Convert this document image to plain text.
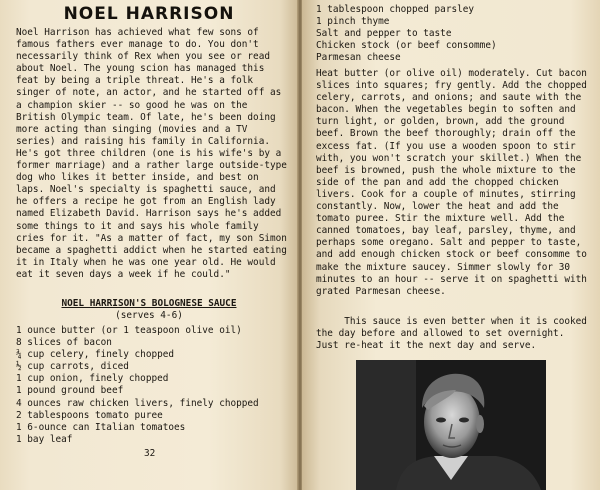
NOEL HARRISON

Noel Harrison has achieved what few sons of famous fathers ever manage to do. You don't necessarily think of Rex when you see or read about Noel. The young scion has managed this feat by being a triple threat. He's a folk singer of note, an actor, and he started off as a champion skier -- so good he was on the British Olympic team. Of late, he's been doing more acting than singing (movies and a TV series) and raising his family in California. He's got three children (one is his wife's by a former marriage) and a rather large outside-type dog who likes it better inside, and best on laps. Noel's specialty is spaghetti sauce, and he offers a recipe he got from an English lady named Elizabeth David. Harrison says he's added some things to it and says his whole family cries for it. "As a matter of fact, my son Simon became a spaghetti addict when he started eating it in Italy when he was one year old. He would eat it seven days a week if he could."

NOEL HARRISON'S BOLOGNESE SAUCE
(serves 4-6)
1 ounce butter (or 1 teaspoon olive oil)
8 slices of bacon
¾ cup celery, finely chopped
½ cup carrots, diced
1 cup onion, finely chopped
1 pound ground beef
4 ounces raw chicken livers, finely chopped
2 tablespoons tomato puree
1 6-ounce can Italian tomatoes
1 bay leaf
32
1 tablespoon chopped parsley
1 pinch thyme
Salt and pepper to taste
Chicken stock (or beef consomme)
Parmesan cheese

Heat butter (or olive oil) moderately. Cut bacon slices into squares; fry gently. Add the chopped celery, carrots, and onions; and saute with the bacon. When the vegetables begin to soften and turn light, or golden, brown, add the ground beef. Brown the beef thoroughly; drain off the excess fat. (If you use a wooden spoon to stir with, you won't scratch your skillet.) When the beef is browned, push the whole mixture to the side of the pan and add the chopped chicken livers. Cook for a couple of minutes, stirring constantly. Now, lower the heat and add the tomato puree. Stir the mixture well. Add the canned tomatoes, bay leaf, parsley, thyme, and perhaps some oregano. Salt and pepper to taste, and add enough chicken stock or beef consomme to make the mixture saucey. Simmer slowly for 30 minutes to an hour -- serve it on spaghetti with grated Parmesan cheese.

This sauce is even better when it is cooked the day before and allowed to set overnight. Just re-heat it the next day and serve.
